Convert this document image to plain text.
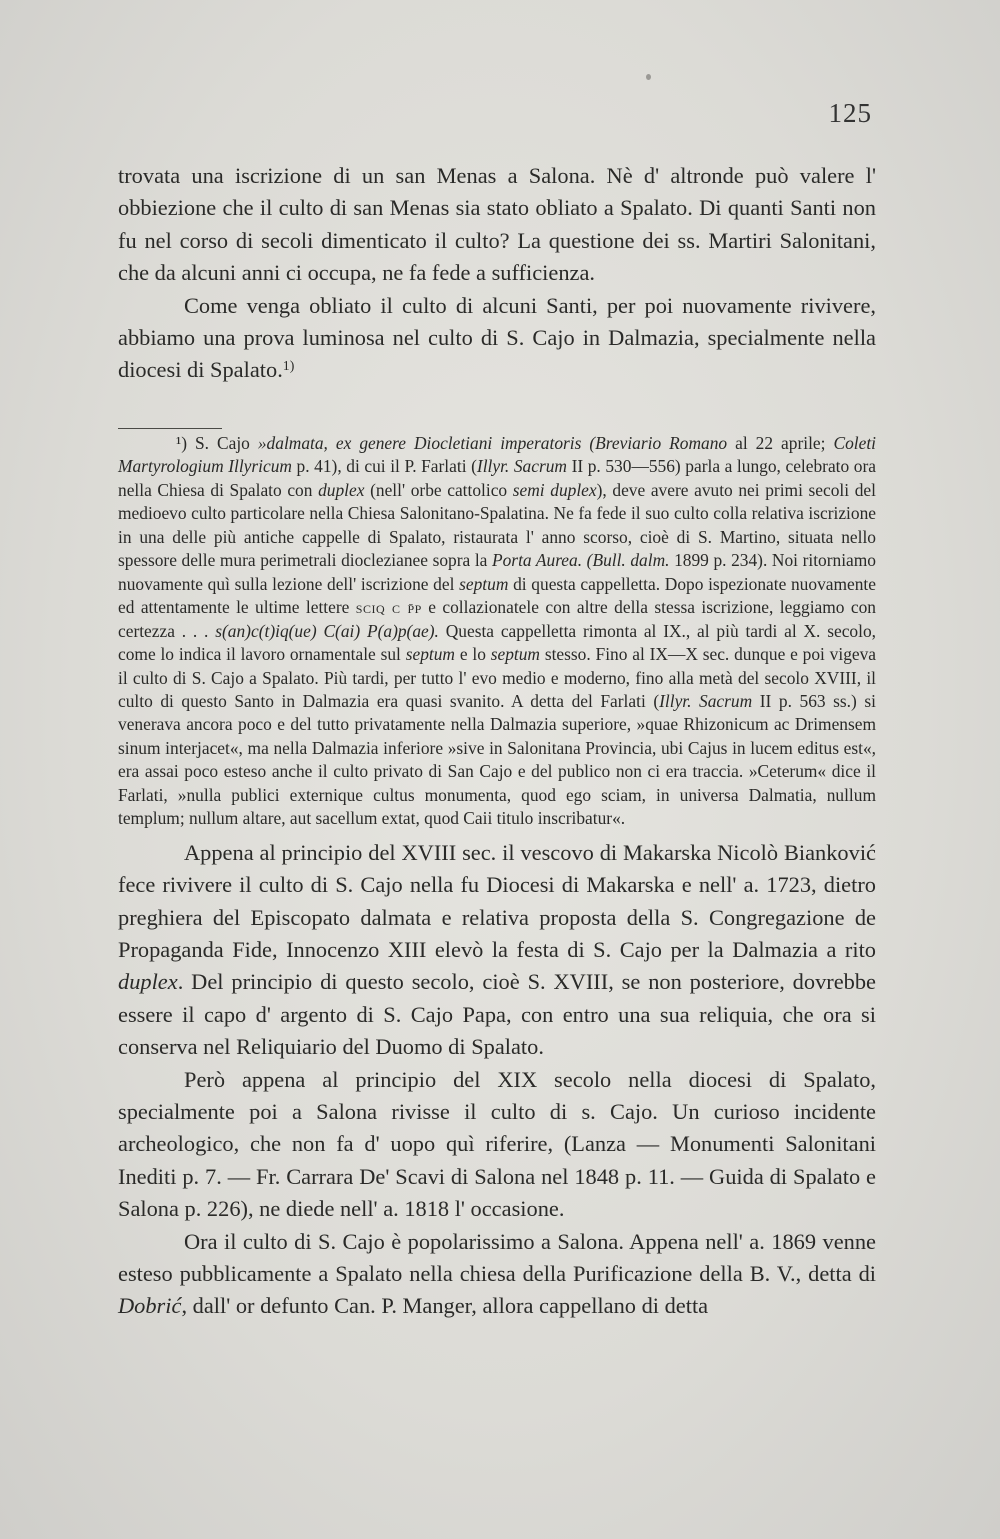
125

trovata una iscrizione di un san Menas a Salona. Nè d' altronde può valere l' obbiezione che il culto di san Menas sia stato obliato a Spalato. Di quanti Santi non fu nel corso di secoli dimenticato il culto? La questione dei ss. Martiri Salonitani, che da alcuni anni ci occupa, ne fa fede a sufficienza.

Come venga obliato il culto di alcuni Santi, per poi nuovamente rivivere, abbiamo una prova luminosa nel culto di S. Cajo in Dalmazia, specialmente nella diocesi di Spalato.$^{1)}$

¹) S. Cajo »dalmata, ex genere Diocletiani imperatoris (Breviario Romano al 22 aprile; Coleti Martyrologium Illyricum p. 41), di cui il P. Farlati (Illyr. Sacrum II p. 530—556) parla a lungo, celebrato ora nella Chiesa di Spalato con duplex (nell' orbe cattolico semi duplex), deve avere avuto nei primi secoli del medioevo culto particolare nella Chiesa Salonitano-Spalatina. Ne fa fede il suo culto colla relativa iscrizione in una delle più antiche cappelle di Spalato, ristaurata l' anno scorso, cioè di S. Martino, situata nello spessore delle mura perimetrali dioclezianee sopra la Porta Aurea. (Bull. dalm. 1899 p. 234). Noi ritorniamo nuovamente quì sulla lezione dell' iscrizione del septum di questa cappelletta. Dopo ispezionate nuovamente ed attentamente le ultime lettere sciq c p̄p e collazionatele con altre della stessa iscrizione, leggiamo con certezza . . . s(an)c(t)iq(ue) C(ai) P(a)p(ae). Questa cappelletta rimonta al IX., al più tardi al X. secolo, come lo indica il lavoro ornamentale sul septum e lo septum stesso. Fino al IX—X sec. dunque e poi vigeva il culto di S. Cajo a Spalato. Più tardi, per tutto l' evo medio e moderno, fino alla metà del secolo XVIII, il culto di questo Santo in Dalmazia era quasi svanito. A detta del Farlati (Illyr. Sacrum II p. 563 ss.) si venerava ancora poco e del tutto privatamente nella Dalmazia superiore, »quae Rhizonicum ac Drimensem sinum interjacet«, ma nella Dalmazia inferiore »sive in Salonitana Provincia, ubi Cajus in lucem editus est«, era assai poco esteso anche il culto privato di San Cajo e del publico non ci era traccia. »Ceterum« dice il Farlati, »nulla publici externique cultus monumenta, quod ego sciam, in universa Dalmatia, nullum templum; nullum altare, aut sacellum extat, quod Caii titulo inscribatur«.

Appena al principio del XVIII sec. il vescovo di Makarska Nicolò Bianković fece rivivere il culto di S. Cajo nella fu Diocesi di Makarska e nell' a. 1723, dietro preghiera del Episcopato dalmata e relativa proposta della S. Congregazione de Propaganda Fide, Innocenzo XIII elevò la festa di S. Cajo per la Dalmazia a rito duplex. Del principio di questo secolo, cioè S. XVIII, se non posteriore, dovrebbe essere il capo d' argento di S. Cajo Papa, con entro una sua reliquia, che ora si conserva nel Reliquiario del Duomo di Spalato.

Però appena al principio del XIX secolo nella diocesi di Spalato, specialmente poi a Salona rivisse il culto di s. Cajo. Un curioso incidente archeologico, che non fa d' uopo quì riferire, (Lanza — Monumenti Salonitani Inediti p. 7. — Fr. Carrara De' Scavi di Salona nel 1848 p. 11. — Guida di Spalato e Salona p. 226), ne diede nell' a. 1818 l' occasione.

Ora il culto di S. Cajo è popolarissimo a Salona. Appena nell' a. 1869 venne esteso pubblicamente a Spalato nella chiesa della Purificazione della B. V., detta di Dobrić, dall' or defunto Can. P. Manger, allora cappellano di detta
